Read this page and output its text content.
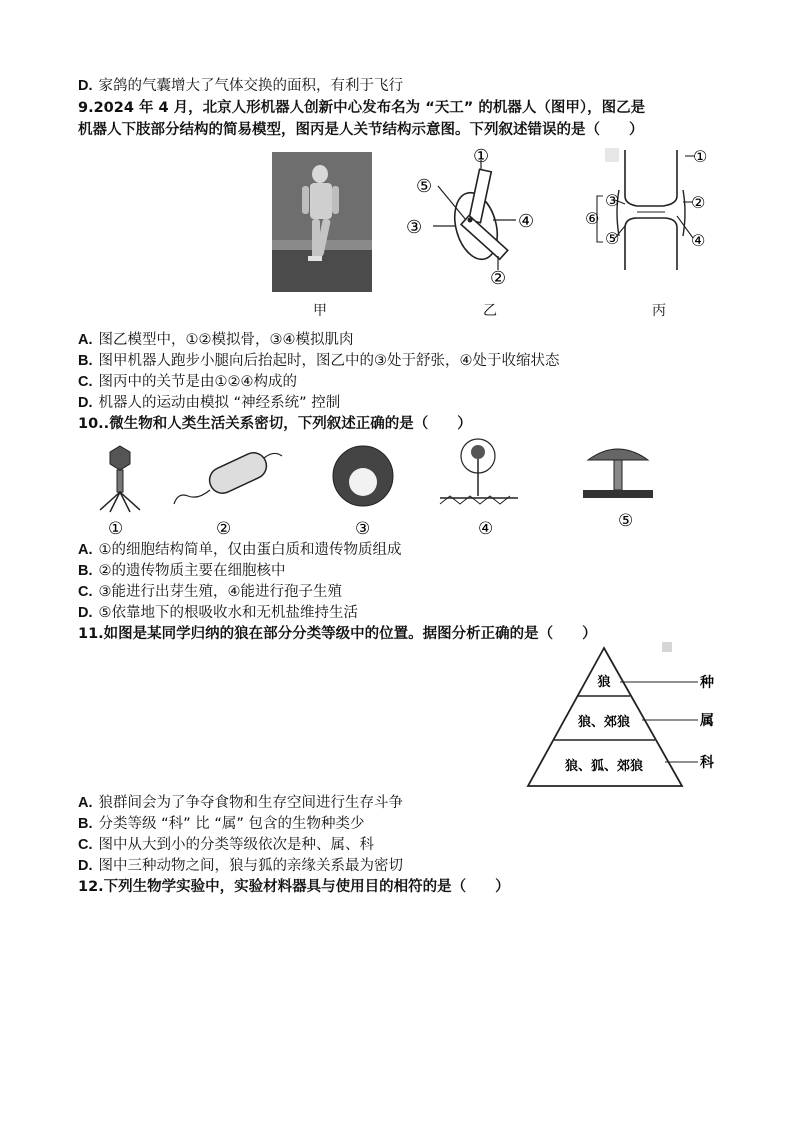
D. 家鸽的气囊增大了气体交换的面积，有利于飞行
9.2024 年 4 月，北京人形机器人创新中心发布名为 “天工” 的机器人（图甲），图乙是
机器人下肢部分结构的简易模型，图丙是人关节结构示意图。下列叙述错误的是（　　）
甲
①
②
③	④
⑤
乙
①
②
③
④
⑤
⑥
丙
A. 图乙模型中，①②模拟骨，③④模拟肌肉
B. 图甲机器人跑步小腿向后抬起时，图乙中的③处于舒张，④处于收缩状态
C. 图丙中的关节是由①②④构成的
D. 机器人的运动由模拟 “神经系统” 控制
10..微生物和人类生活关系密切，下列叙述正确的是（　　）
①	②	③	④	⑤
A. ①的细胞结构简单，仅由蛋白质和遗传物质组成
B. ②的遗传物质主要在细胞核中
C. ③能进行出芽生殖，④能进行孢子生殖
D. ⑤依靠地下的根吸收水和无机盐维持生活
11.如图是某同学归纳的狼在部分分类等级中的位置。据图分析正确的是（　　）
狼
狼、郊狼
狼、狐、郊狼
种
属
科
A. 狼群间会为了争夺食物和生存空间进行生存斗争
B. 分类等级 “科” 比 “属” 包含的生物种类少
C. 图中从大到小的分类等级依次是种、属、科
D. 图中三种动物之间，狼与狐的亲缘关系最为密切
12.下列生物学实验中，实验材料器具与使用目的相符的是（　　）
